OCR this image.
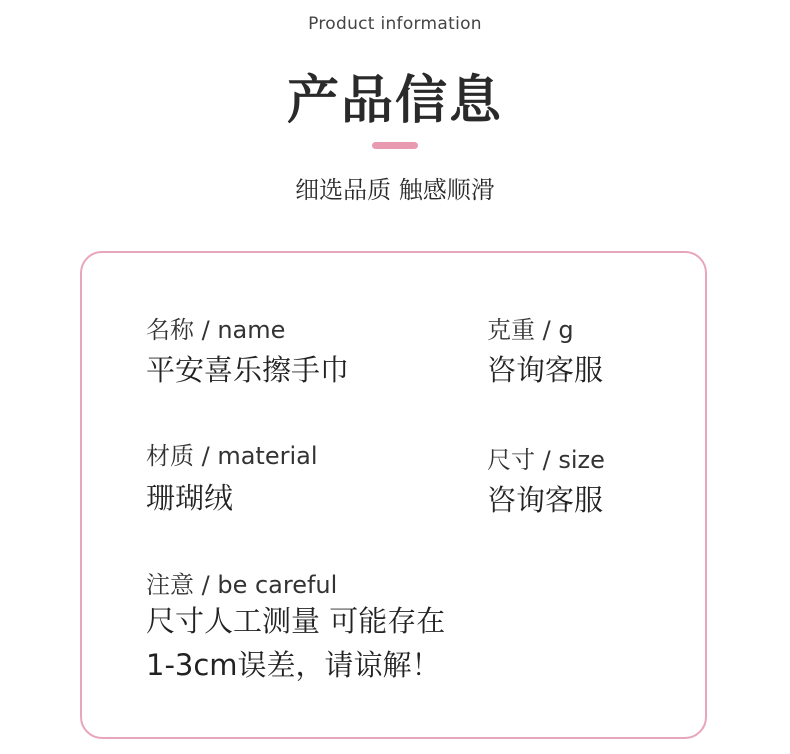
Product information
产品信息
细选品质 触感顺滑
名称 / name
平安喜乐擦手巾
克重 / g
咨询客服
材质 / material
珊瑚绒
尺寸 / size
咨询客服
注意 / be careful
尺寸人工测量 可能存在
1-3cm误差，请谅解！
